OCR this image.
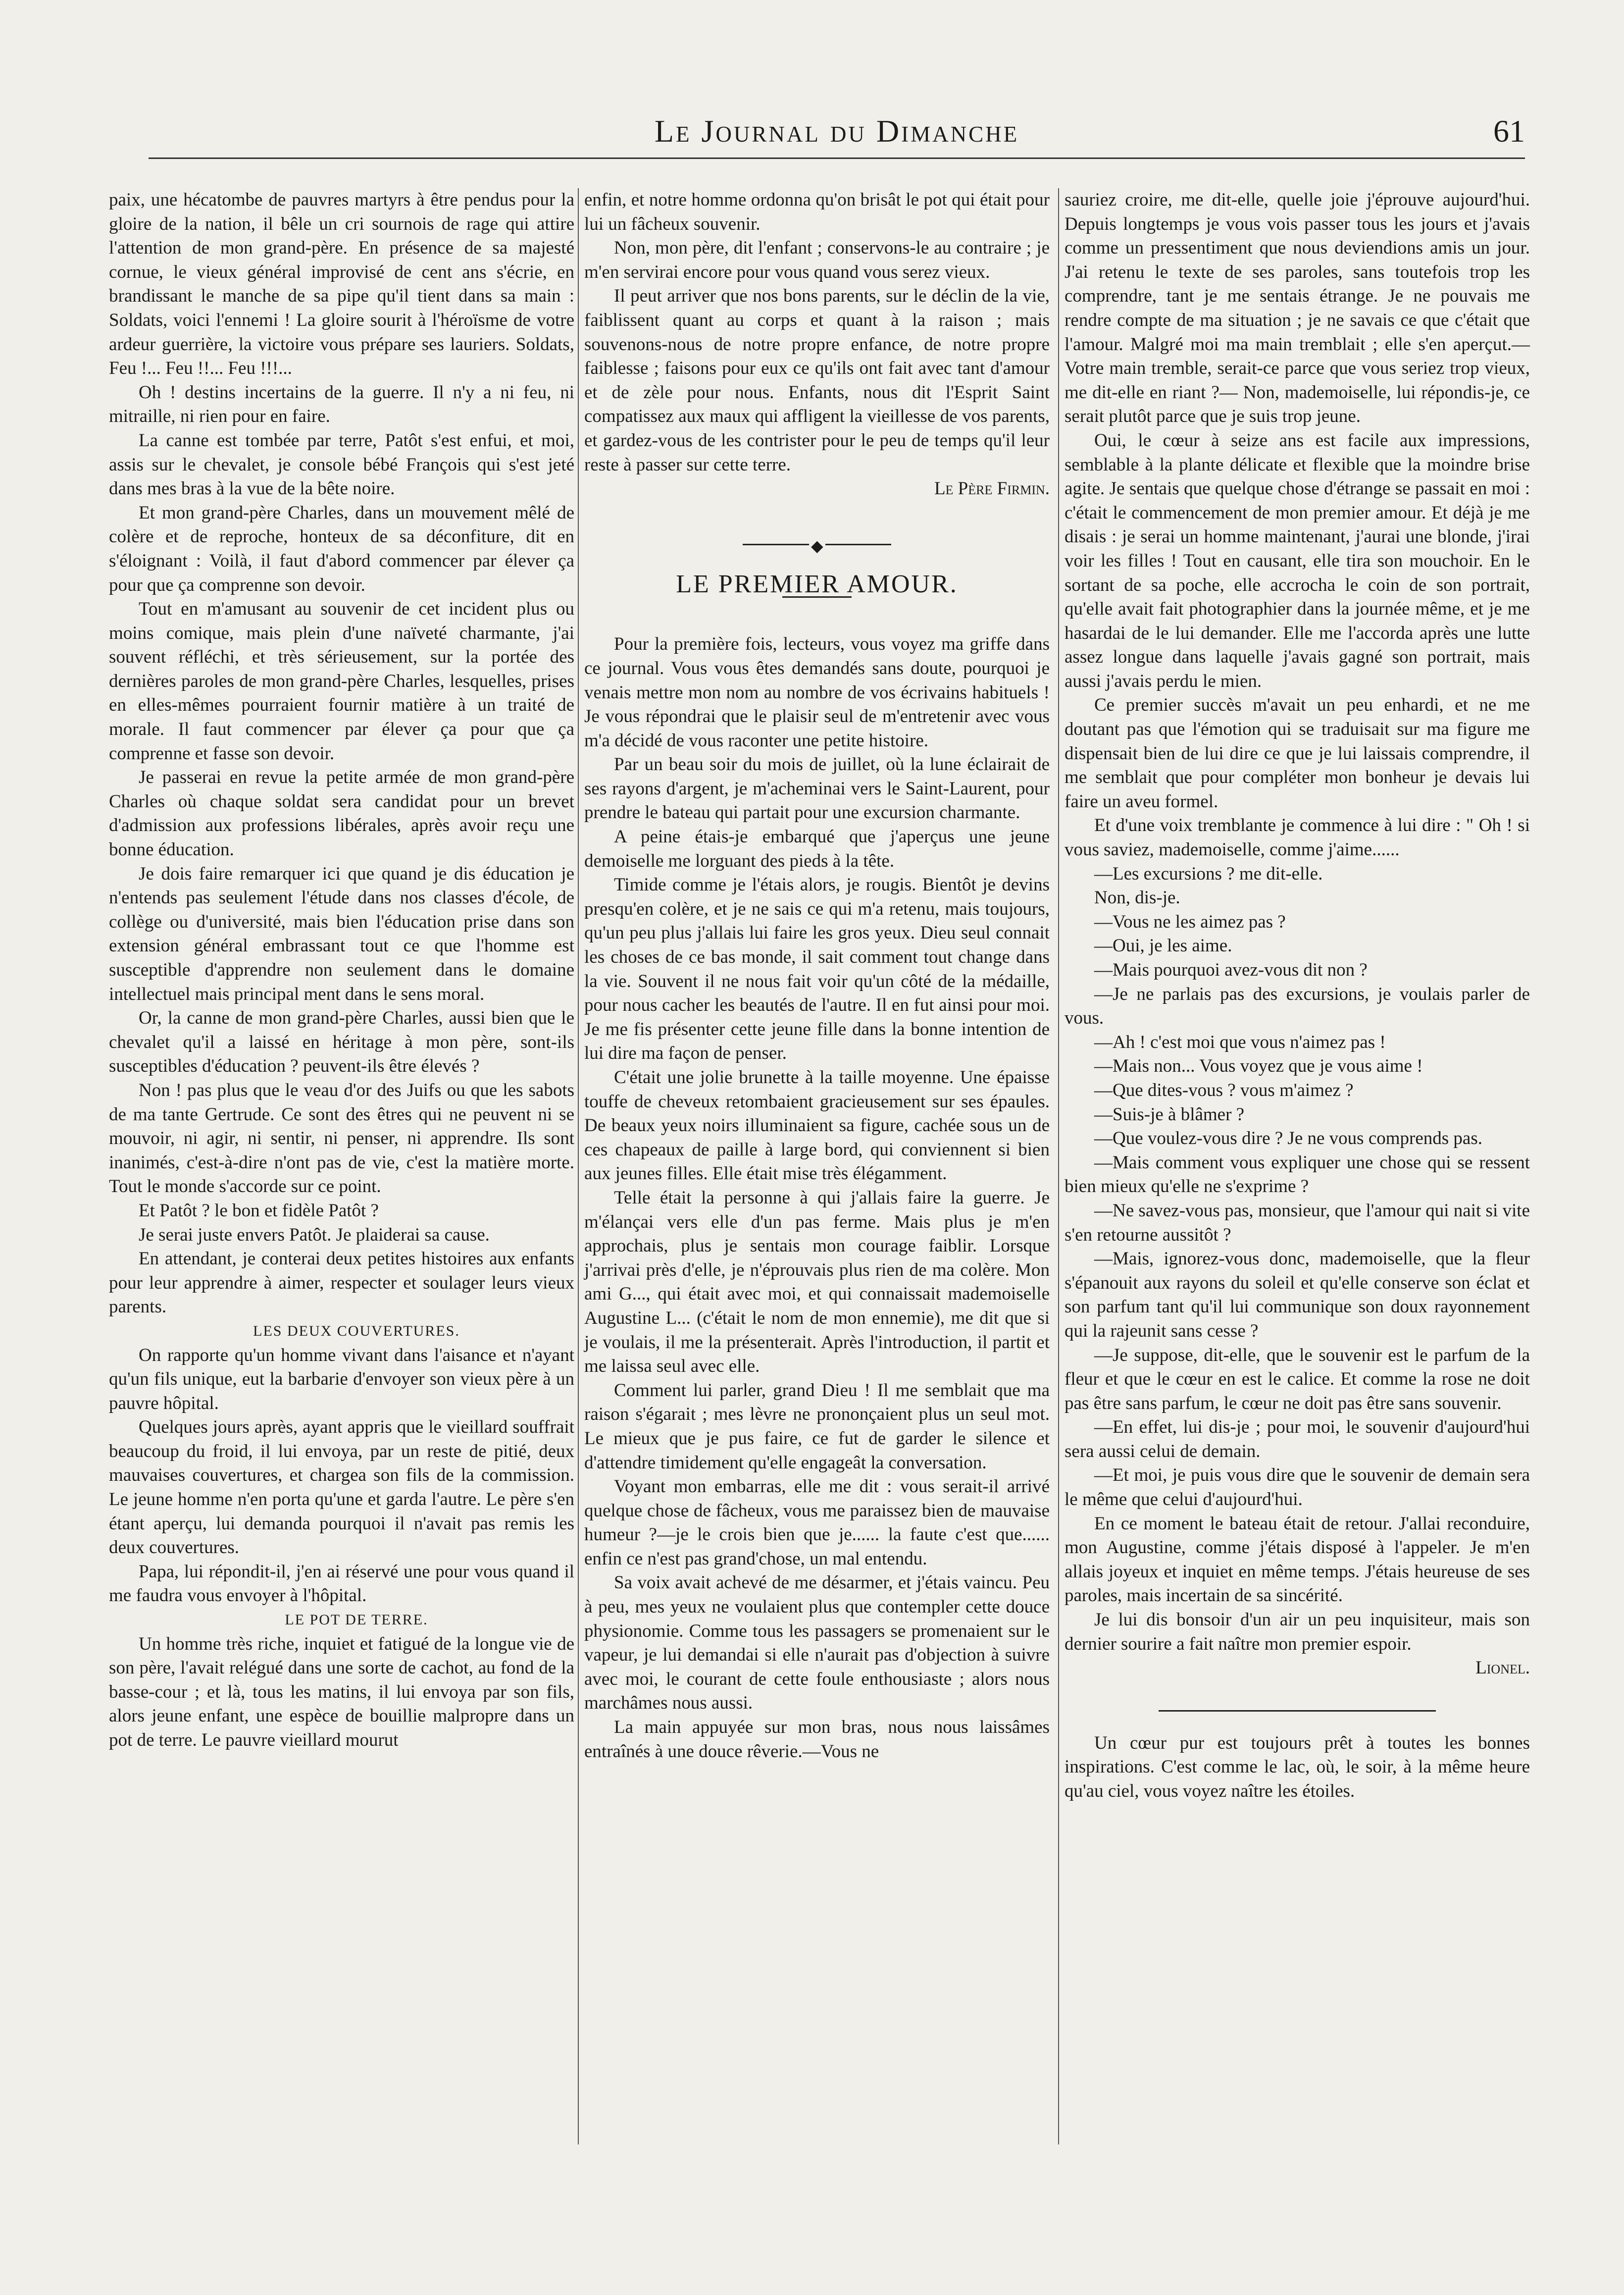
Le Journal du Dimanche	61

paix, une hécatombe de pauvres martyrs à être pendus pour la gloire de la nation, il bêle un cri sournois de rage qui attire l'attention de mon grand-père. En présence de sa majesté cornue, le vieux général improvisé de cent ans s'écrie, en brandissant le manche de sa pipe qu'il tient dans sa main : Soldats, voici l'ennemi ! La gloire sourit à l'héroïsme de votre ardeur guerrière, la victoire vous prépare ses lauriers. Soldats, Feu !... Feu !!... Feu !!!...

Oh ! destins incertains de la guerre. Il n'y a ni feu, ni mitraille, ni rien pour en faire.

La canne est tombée par terre, Patôt s'est enfui, et moi, assis sur le chevalet, je console bébé François qui s'est jeté dans mes bras à la vue de la bête noire.

Et mon grand-père Charles, dans un mouvement mêlé de colère et de reproche, honteux de sa déconfiture, dit en s'éloignant : Voilà, il faut d'abord commencer par élever ça pour que ça comprenne son devoir.

Tout en m'amusant au souvenir de cet incident plus ou moins comique, mais plein d'une naïveté charmante, j'ai souvent réfléchi, et très sérieusement, sur la portée des dernières paroles de mon grand-père Charles, lesquelles, prises en elles-mêmes pourraient fournir matière à un traité de morale. Il faut commencer par élever ça pour que ça comprenne et fasse son devoir.

Je passerai en revue la petite armée de mon grand-père Charles où chaque soldat sera candidat pour un brevet d'admission aux professions libérales, après avoir reçu une bonne éducation.

Je dois faire remarquer ici que quand je dis éducation je n'entends pas seulement l'étude dans nos classes d'école, de collège ou d'université, mais bien l'éducation prise dans son extension général embrassant tout ce que l'homme est susceptible d'apprendre non seulement dans le domaine intellectuel mais principal ment dans le sens moral.

Or, la canne de mon grand-père Charles, aussi bien que le chevalet qu'il a laissé en héritage à mon père, sont-ils susceptibles d'éducation ? peuvent-ils être élevés ?

Non ! pas plus que le veau d'or des Juifs ou que les sabots de ma tante Gertrude. Ce sont des êtres qui ne peuvent ni se mouvoir, ni agir, ni sentir, ni penser, ni apprendre. Ils sont inanimés, c'est-à-dire n'ont pas de vie, c'est la matière morte. Tout le monde s'accorde sur ce point.

Et Patôt ? le bon et fidèle Patôt ?

Je serai juste envers Patôt. Je plaiderai sa cause.

En attendant, je conterai deux petites histoires aux enfants pour leur apprendre à aimer, respecter et soulager leurs vieux parents.

LES DEUX COUVERTURES.

On rapporte qu'un homme vivant dans l'aisance et n'ayant qu'un fils unique, eut la barbarie d'envoyer son vieux père à un pauvre hôpital.

Quelques jours après, ayant appris que le vieillard souffrait beaucoup du froid, il lui envoya, par un reste de pitié, deux mauvaises couvertures, et chargea son fils de la commission. Le jeune homme n'en porta qu'une et garda l'autre. Le père s'en étant aperçu, lui demanda pourquoi il n'avait pas remis les deux couvertures.

Papa, lui répondit-il, j'en ai réservé une pour vous quand il me faudra vous envoyer à l'hôpital.

LE POT DE TERRE.

Un homme très riche, inquiet et fatigué de la longue vie de son père, l'avait relégué dans une sorte de cachot, au fond de la basse-cour ; et là, tous les matins, il lui envoya par son fils, alors jeune enfant, une espèce de bouillie malpropre dans un pot de terre. Le pauvre vieillard mourut

enfin, et notre homme ordonna qu'on brisât le pot qui était pour lui un fâcheux souvenir.

Non, mon père, dit l'enfant ; conservons-le au contraire ; je m'en servirai encore pour vous quand vous serez vieux.

Il peut arriver que nos bons parents, sur le déclin de la vie, faiblissent quant au corps et quant à la raison ; mais souvenons-nous de notre propre enfance, de notre propre faiblesse ; faisons pour eux ce qu'ils ont fait avec tant d'amour et de zèle pour nous. Enfants, nous dit l'Esprit Saint compatissez aux maux qui affligent la vieillesse de vos parents, et gardez-vous de les contrister pour le peu de temps qu'il leur reste à passer sur cette terre.

Le Père Firmin.

◆

LE PREMIER AMOUR.

Pour la première fois, lecteurs, vous voyez ma griffe dans ce journal. Vous vous êtes demandés sans doute, pourquoi je venais mettre mon nom au nombre de vos écrivains habituels ! Je vous répondrai que le plaisir seul de m'entretenir avec vous m'a décidé de vous raconter une petite histoire.

Par un beau soir du mois de juillet, où la lune éclairait de ses rayons d'argent, je m'acheminai vers le Saint-Laurent, pour prendre le bateau qui partait pour une excursion charmante.

A peine étais-je embarqué que j'aperçus une jeune demoiselle me lorguant des pieds à la tête.

Timide comme je l'étais alors, je rougis. Bientôt je devins presqu'en colère, et je ne sais ce qui m'a retenu, mais toujours, qu'un peu plus j'allais lui faire les gros yeux. Dieu seul connait les choses de ce bas monde, il sait comment tout change dans la vie. Souvent il ne nous fait voir qu'un côté de la médaille, pour nous cacher les beautés de l'autre. Il en fut ainsi pour moi. Je me fis présenter cette jeune fille dans la bonne intention de lui dire ma façon de penser.

C'était une jolie brunette à la taille moyenne. Une épaisse touffe de cheveux retombaient gracieusement sur ses épaules. De beaux yeux noirs illuminaient sa figure, cachée sous un de ces chapeaux de paille à large bord, qui conviennent si bien aux jeunes filles. Elle était mise très élégamment.

Telle était la personne à qui j'allais faire la guerre. Je m'élançai vers elle d'un pas ferme. Mais plus je m'en approchais, plus je sentais mon courage faiblir. Lorsque j'arrivai près d'elle, je n'éprouvais plus rien de ma colère. Mon ami G..., qui était avec moi, et qui connaissait mademoiselle Augustine L... (c'était le nom de mon ennemie), me dit que si je voulais, il me la présenterait. Après l'introduction, il partit et me laissa seul avec elle.

Comment lui parler, grand Dieu ! Il me semblait que ma raison s'égarait ; mes lèvre ne prononçaient plus un seul mot. Le mieux que je pus faire, ce fut de garder le silence et d'attendre timidement qu'elle engageât la conversation.

Voyant mon embarras, elle me dit : vous serait-il arrivé quelque chose de fâcheux, vous me paraissez bien de mauvaise humeur ?—je le crois bien que je...... la faute c'est que...... enfin ce n'est pas grand'chose, un mal entendu.

Sa voix avait achevé de me désarmer, et j'étais vaincu. Peu à peu, mes yeux ne voulaient plus que contempler cette douce physionomie. Comme tous les passagers se promenaient sur le vapeur, je lui demandai si elle n'aurait pas d'objection à suivre avec moi, le courant de cette foule enthousiaste ; alors nous marchâmes nous aussi.

La main appuyée sur mon bras, nous nous laissâmes entraînés à une douce rêverie.—Vous ne

sauriez croire, me dit-elle, quelle joie j'éprouve aujourd'hui. Depuis longtemps je vous vois passer tous les jours et j'avais comme un pressentiment que nous deviendions amis un jour. J'ai retenu le texte de ses paroles, sans toutefois trop les comprendre, tant je me sentais étrange. Je ne pouvais me rendre compte de ma situation ; je ne savais ce que c'était que l'amour. Malgré moi ma main tremblait ; elle s'en aperçut.—Votre main tremble, serait-ce parce que vous seriez trop vieux, me dit-elle en riant ?— Non, mademoiselle, lui répondis-je, ce serait plutôt parce que je suis trop jeune.

Oui, le cœur à seize ans est facile aux impressions, semblable à la plante délicate et flexible que la moindre brise agite. Je sentais que quelque chose d'étrange se passait en moi : c'était le commencement de mon premier amour. Et déjà je me disais : je serai un homme maintenant, j'aurai une blonde, j'irai voir les filles ! Tout en causant, elle tira son mouchoir. En le sortant de sa poche, elle accrocha le coin de son portrait, qu'elle avait fait photographier dans la journée même, et je me hasardai de le lui demander. Elle me l'accorda après une lutte assez longue dans laquelle j'avais gagné son portrait, mais aussi j'avais perdu le mien.

Ce premier succès m'avait un peu enhardi, et ne me doutant pas que l'émotion qui se traduisait sur ma figure me dispensait bien de lui dire ce que je lui laissais comprendre, il me semblait que pour compléter mon bonheur je devais lui faire un aveu formel.

Et d'une voix tremblante je commence à lui dire : " Oh ! si vous saviez, mademoiselle, comme j'aime......

—Les excursions ? me dit-elle.

Non, dis-je.

—Vous ne les aimez pas ?

—Oui, je les aime.

—Mais pourquoi avez-vous dit non ?

—Je ne parlais pas des excursions, je voulais parler de vous.

—Ah ! c'est moi que vous n'aimez pas !

—Mais non... Vous voyez que je vous aime !

—Que dites-vous ? vous m'aimez ?

—Suis-je à blâmer ?

—Que voulez-vous dire ? Je ne vous comprends pas.

—Mais comment vous expliquer une chose qui se ressent bien mieux qu'elle ne s'exprime ?

—Ne savez-vous pas, monsieur, que l'amour qui nait si vite s'en retourne aussitôt ?

—Mais, ignorez-vous donc, mademoiselle, que la fleur s'épanouit aux rayons du soleil et qu'elle conserve son éclat et son parfum tant qu'il lui communique son doux rayonnement qui la rajeunit sans cesse ?

—Je suppose, dit-elle, que le souvenir est le parfum de la fleur et que le cœur en est le calice. Et comme la rose ne doit pas être sans parfum, le cœur ne doit pas être sans souvenir.

—En effet, lui dis-je ; pour moi, le souvenir d'aujourd'hui sera aussi celui de demain.

—Et moi, je puis vous dire que le souvenir de demain sera le même que celui d'aujourd'hui.

En ce moment le bateau était de retour. J'allai reconduire, mon Augustine, comme j'étais disposé à l'appeler. Je m'en allais joyeux et inquiet en même temps. J'étais heureuse de ses paroles, mais incertain de sa sincérité.

Je lui dis bonsoir d'un air un peu inquisiteur, mais son dernier sourire a fait naître mon premier espoir.

Lionel.

Un cœur pur est toujours prêt à toutes les bonnes inspirations. C'est comme le lac, où, le soir, à la même heure qu'au ciel, vous voyez naître les étoiles.
